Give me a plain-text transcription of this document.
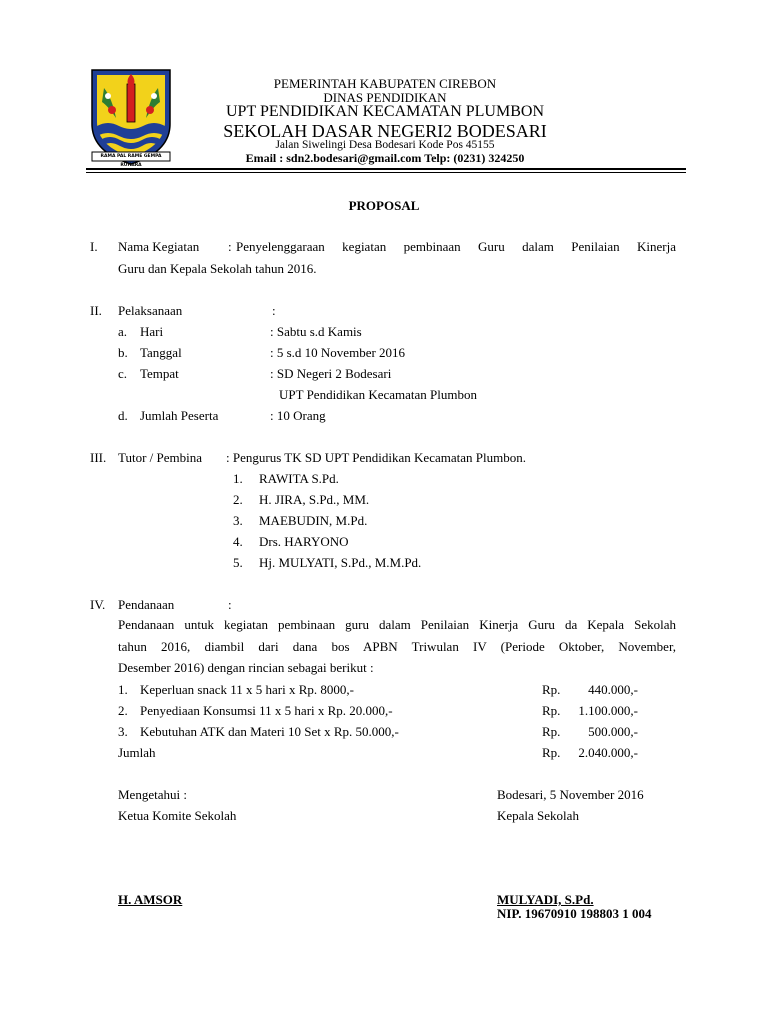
RAMA PAL RAME GEMPA RUHARA
PEMERINTAH KABUPATEN CIREBON
DINAS PENDIDIKAN
UPT PENDIDIKAN KECAMATAN PLUMBON
SEKOLAH DASAR NEGERI2 BODESARI
Jalan Siwelingi Desa Bodesari Kode Pos 45155
Email : sdn2.bodesari@gmail.com Telp: (0231) 324250
PROPOSAL
I. Nama Kegiatan : Penyelenggaraan kegiatan pembinaan Guru dalam Penilaian Kinerja
Guru dan Kepala Sekolah tahun 2016.
II. Pelaksanaan	:
a. Hari	: Sabtu s.d Kamis
b. Tanggal	: 5 s.d 10 November 2016
c. Tempat	: SD Negeri 2 Bodesari
UPT Pendidikan Kecamatan Plumbon
d. Jumlah Peserta	: 10 Orang
III. Tutor / Pembina : Pengurus TK SD UPT Pendidikan Kecamatan Plumbon.
1. RAWITA S.Pd.
2. H. JIRA, S.Pd., MM.
3. MAEBUDIN, M.Pd.
4. Drs. HARYONO
5. Hj. MULYATI, S.Pd., M.M.Pd.
IV. Pendanaan	:
Pendanaan untuk kegiatan pembinaan guru dalam Penilaian Kinerja Guru da Kepala Sekolah
tahun 2016, diambil dari dana bos APBN Triwulan IV (Periode Oktober, November,
Desember 2016) dengan rincian sebagai berikut :
1. Keperluan snack 11 x 5 hari x Rp. 8000,-	Rp.	440.000,-
2. Penyediaan Konsumsi 11 x 5 hari x Rp. 20.000,-	Rp.	1.100.000,-
3. Kebutuhan ATK dan Materi 10 Set x Rp. 50.000,-	Rp.	500.000,-
Jumlah	Rp.	2.040.000,-
Mengetahui :
Ketua Komite Sekolah
H. AMSOR
Bodesari, 5 November 2016
Kepala Sekolah
MULYADI, S.Pd.
NIP. 19670910 198803 1 004
